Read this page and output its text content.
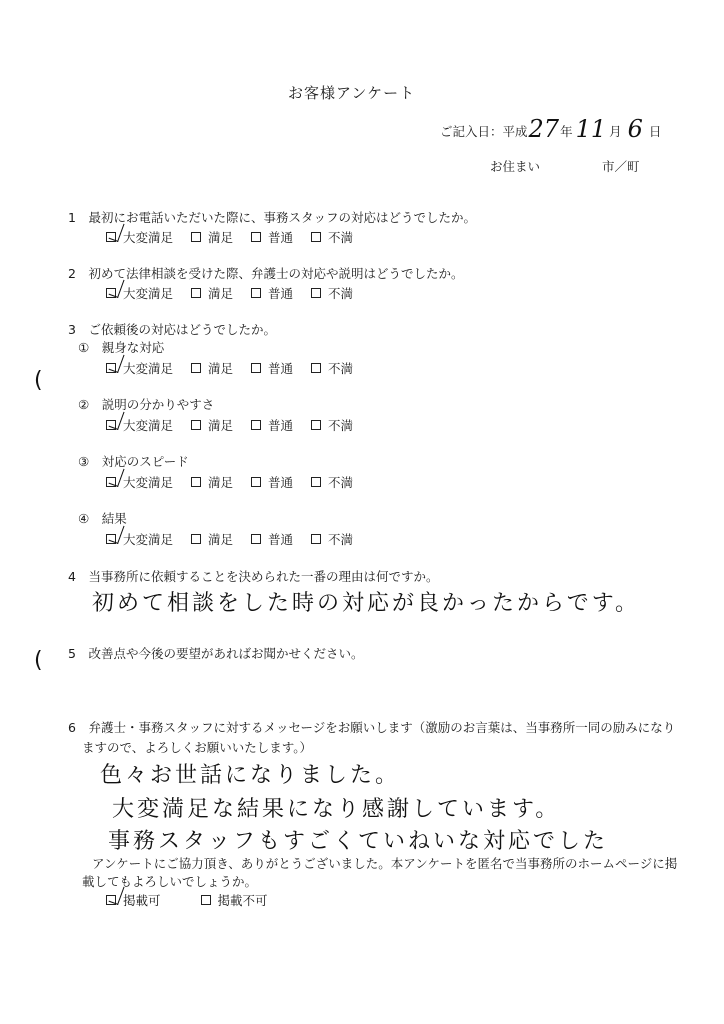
お客様アンケート
ご記入日：平成 27 年 11 月 6 日
お住まい	市／町
1　最初にお電話いただいた際に、事務スタッフの対応はどうでしたか。
大変満足	満足	普通	不満
2　初めて法律相談を受けた際、弁護士の対応や説明はどうでしたか。
大変満足	満足	普通	不満
3　ご依頼後の対応はどうでしたか。
①　親身な対応
大変満足	満足	普通	不満
②　説明の分かりやすさ
大変満足	満足	普通	不満
③　対応のスピード
大変満足	満足	普通	不満
④　結果
大変満足	満足	普通	不満
4　当事務所に依頼することを決められた一番の理由は何ですか。
初めて相談をした時の対応が良かったからです。
5　改善点や今後の要望があればお聞かせください。
6　弁護士・事務スタッフに対するメッセージをお願いします（激励のお言葉は、当事務所一同の励みになり
ますので、よろしくお願いいたします。）
色々お世話になりました。
大変満足な結果になり感謝しています。
事務スタッフもすごくていねいな対応でした
アンケートにご協力頂き、ありがとうございました。本アンケートを匿名で当事務所のホームページに掲
載してもよろしいでしょうか。
掲載可	掲載不可
(
(
